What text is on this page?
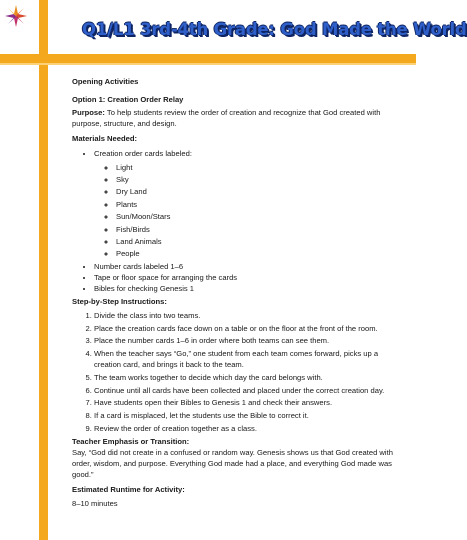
Q1/L1 3rd-4th Grade: God Made the World

Opening Activities

Option 1: Creation Order Relay

Purpose: To help students review the order of creation and recognize that God created with purpose, structure, and design.

Materials Needed:

• Creation order cards labeled:
◦ Light
◦ Sky
◦ Dry Land
◦ Plants
◦ Sun/Moon/Stars
◦ Fish/Birds
◦ Land Animals
◦ People
• Number cards labeled 1–6
• Tape or floor space for arranging the cards
• Bibles for checking Genesis 1

Step-by-Step Instructions:

1. Divide the class into two teams.
2. Place the creation cards face down on a table or on the floor at the front of the room.
3. Place the number cards 1–6 in order where both teams can see them.
4. When the teacher says “Go,” one student from each team comes forward, picks up a creation card, and brings it back to the team.
5. The team works together to decide which day the card belongs with.
6. Continue until all cards have been collected and placed under the correct creation day.
7. Have students open their Bibles to Genesis 1 and check their answers.
8. If a card is misplaced, let the students use the Bible to correct it.
9. Review the order of creation together as a class.

Teacher Emphasis or Transition:

Say, “God did not create in a confused or random way. Genesis shows us that God created with order, wisdom, and purpose. Everything God made had a place, and everything God made was good.”

Estimated Runtime for Activity:

8–10 minutes
